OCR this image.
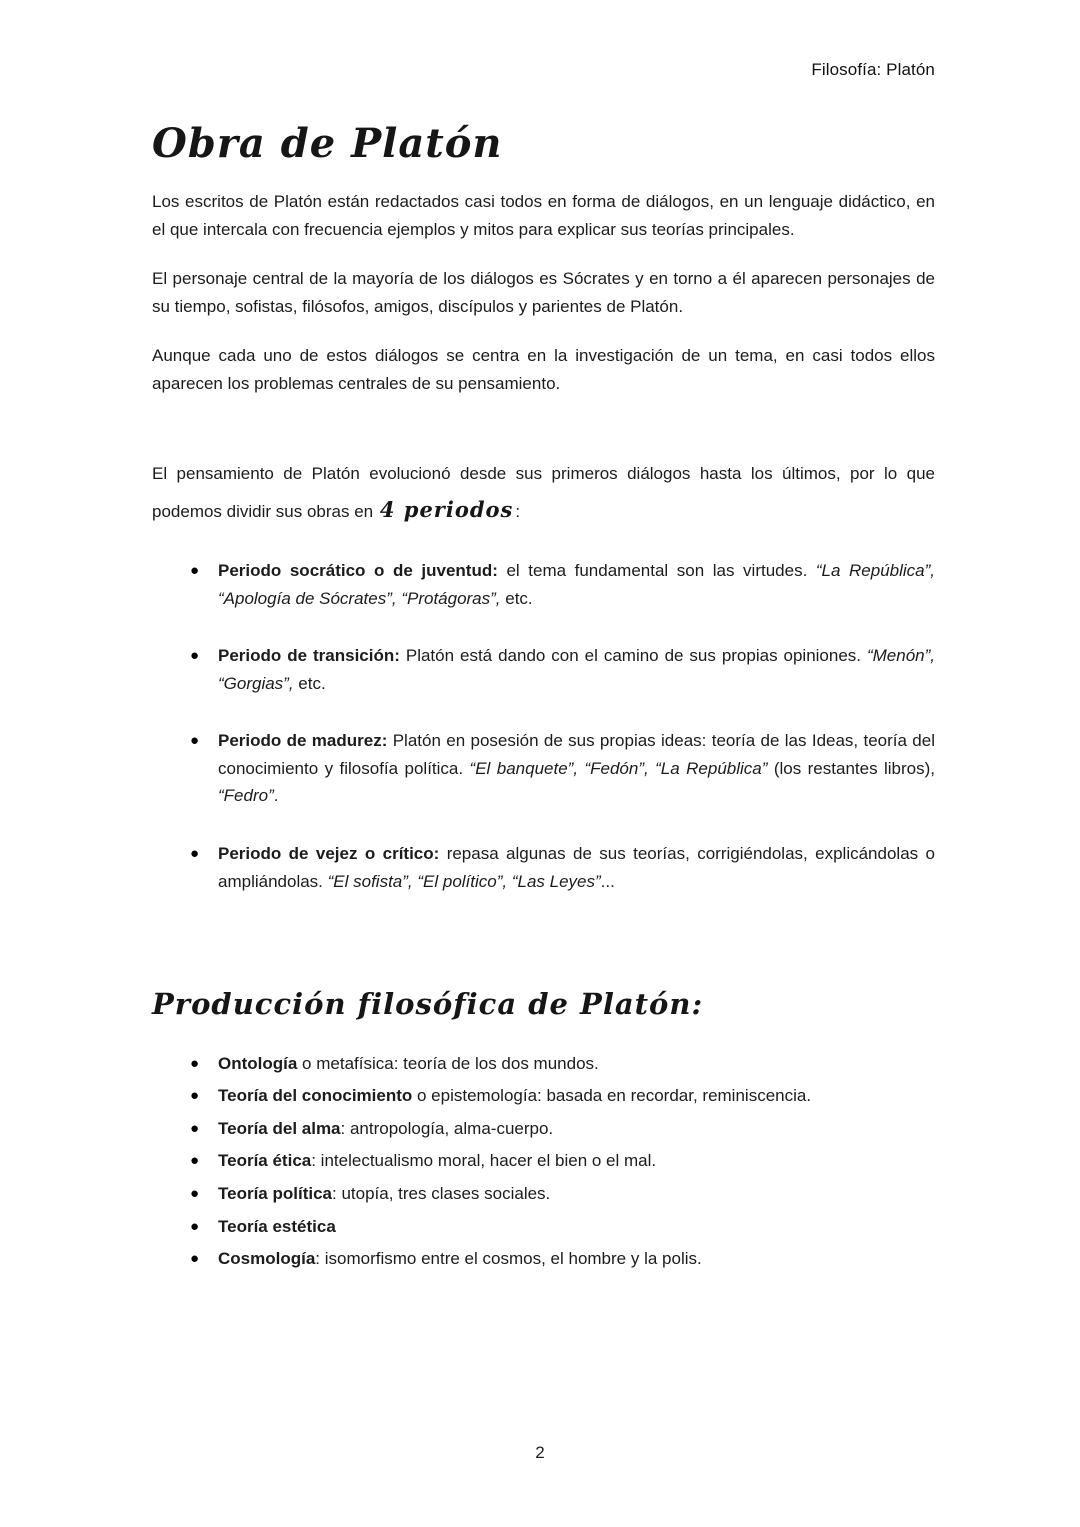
Filosofía: Platón
Obra de Platón

Los escritos de Platón están redactados casi todos en forma de diálogos, en un lenguaje didáctico, en el que intercala con frecuencia ejemplos y mitos para explicar sus teorías principales.

El personaje central de la mayoría de los diálogos es Sócrates y en torno a él aparecen personajes de su tiempo, sofistas, filósofos, amigos, discípulos y parientes de Platón.

Aunque cada uno de estos diálogos se centra en la investigación de un tema, en casi todos ellos aparecen los problemas centrales de su pensamiento.

El pensamiento de Platón evolucionó desde sus primeros diálogos hasta los últimos, por lo que podemos dividir sus obras en 4 periodos :

● Periodo socrático o de juventud: el tema fundamental son las virtudes. “La República”, “Apología de Sócrates”, “Protágoras”, etc.
● Periodo de transición: Platón está dando con el camino de sus propias opiniones. “Menón”, “Gorgias”, etc.
● Periodo de madurez: Platón en posesión de sus propias ideas: teoría de las Ideas, teoría del conocimiento y filosofía política. “El banquete”, “Fedón”, “La República” (los restantes libros), “Fedro”.
● Periodo de vejez o crítico: repasa algunas de sus teorías, corrigiéndolas, explicándolas o ampliándolas. “El sofista”, “El político”, “Las Leyes”...
Producción filosófica de Platón:
● Ontología o metafísica: teoría de los dos mundos.
● Teoría del conocimiento o epistemología: basada en recordar, reminiscencia.
● Teoría del alma: antropología, alma-cuerpo.
● Teoría ética: intelectualismo moral, hacer el bien o el mal.
● Teoría política: utopía, tres clases sociales.
● Teoría estética
● Cosmología: isomorfismo entre el cosmos, el hombre y la polis.
2
